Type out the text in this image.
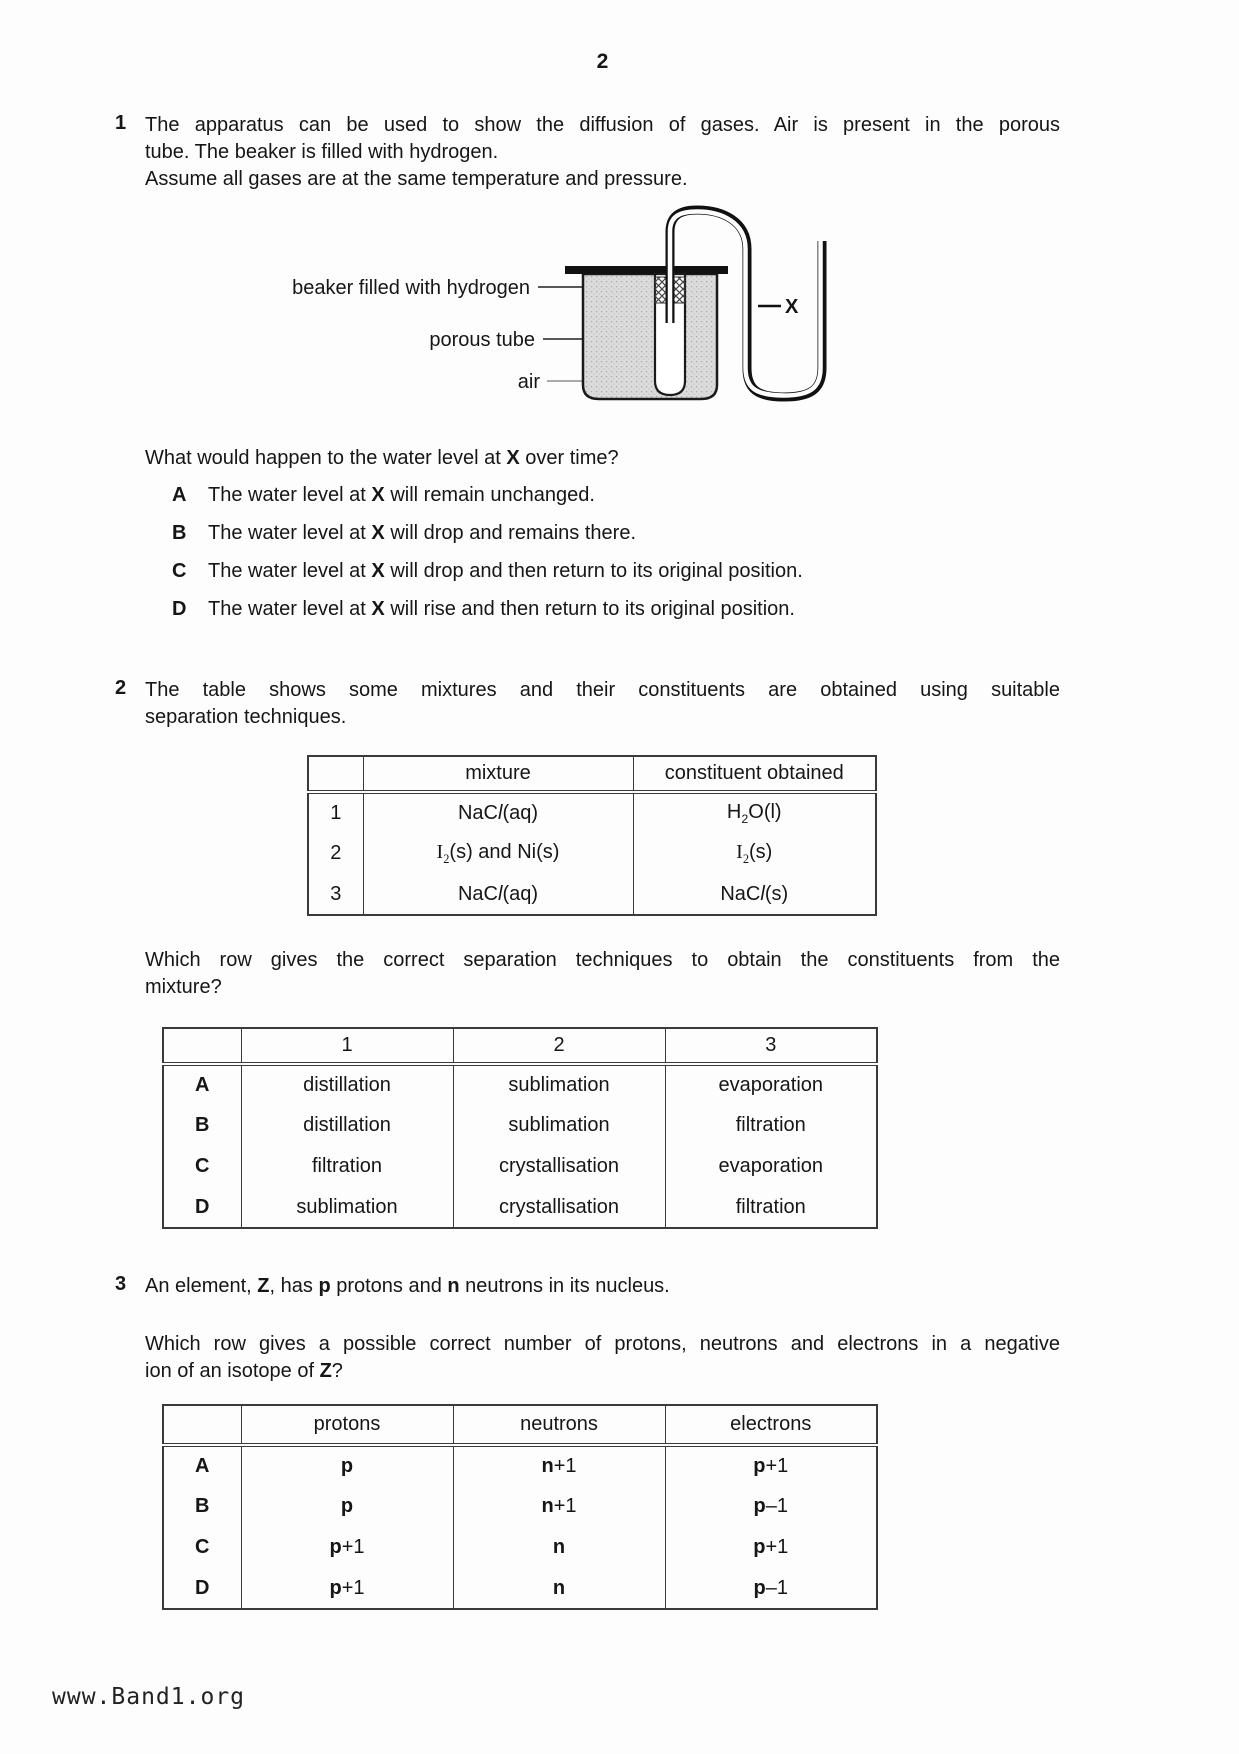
2
1 The apparatus can be used to show the diffusion of gases. Air is present in the porous
tube. The beaker is filled with hydrogen.
Assume all gases are at the same temperature and pressure.
X
beaker filled with hydrogen
porous tube
air
What would happen to the water level at X over time?
A	The water level at X will remain unchanged.
B	The water level at X will drop and remains there.
C	The water level at X will drop and then return to its original position.
D	The water level at X will rise and then return to its original position.
2 The table shows some mixtures and their constituents are obtained using suitable
separation techniques.
	mixture	constituent obtained
1	NaCl(aq)	$H_2O(l)$
2	$I_2(s)$ and Ni(s)	$I_2(s)$
3	NaCl(aq)	NaCl(s)
Which row gives the correct separation techniques to obtain the constituents from the
mixture?
	1	2	3
A	distillation	sublimation	evaporation
B	distillation	sublimation	filtration
C	filtration	crystallisation	evaporation
D	sublimation	crystallisation	filtration
3 An element, Z, has p protons and n neutrons in its nucleus.
Which row gives a possible correct number of protons, neutrons and electrons in a negative
ion of an isotope of Z?
	protons	neutrons	electrons
A	p	n+1	p+1
B	p	n+1	p–1
C	p+1	n	p+1
D	p+1	n	p–1
www.Band1.org
